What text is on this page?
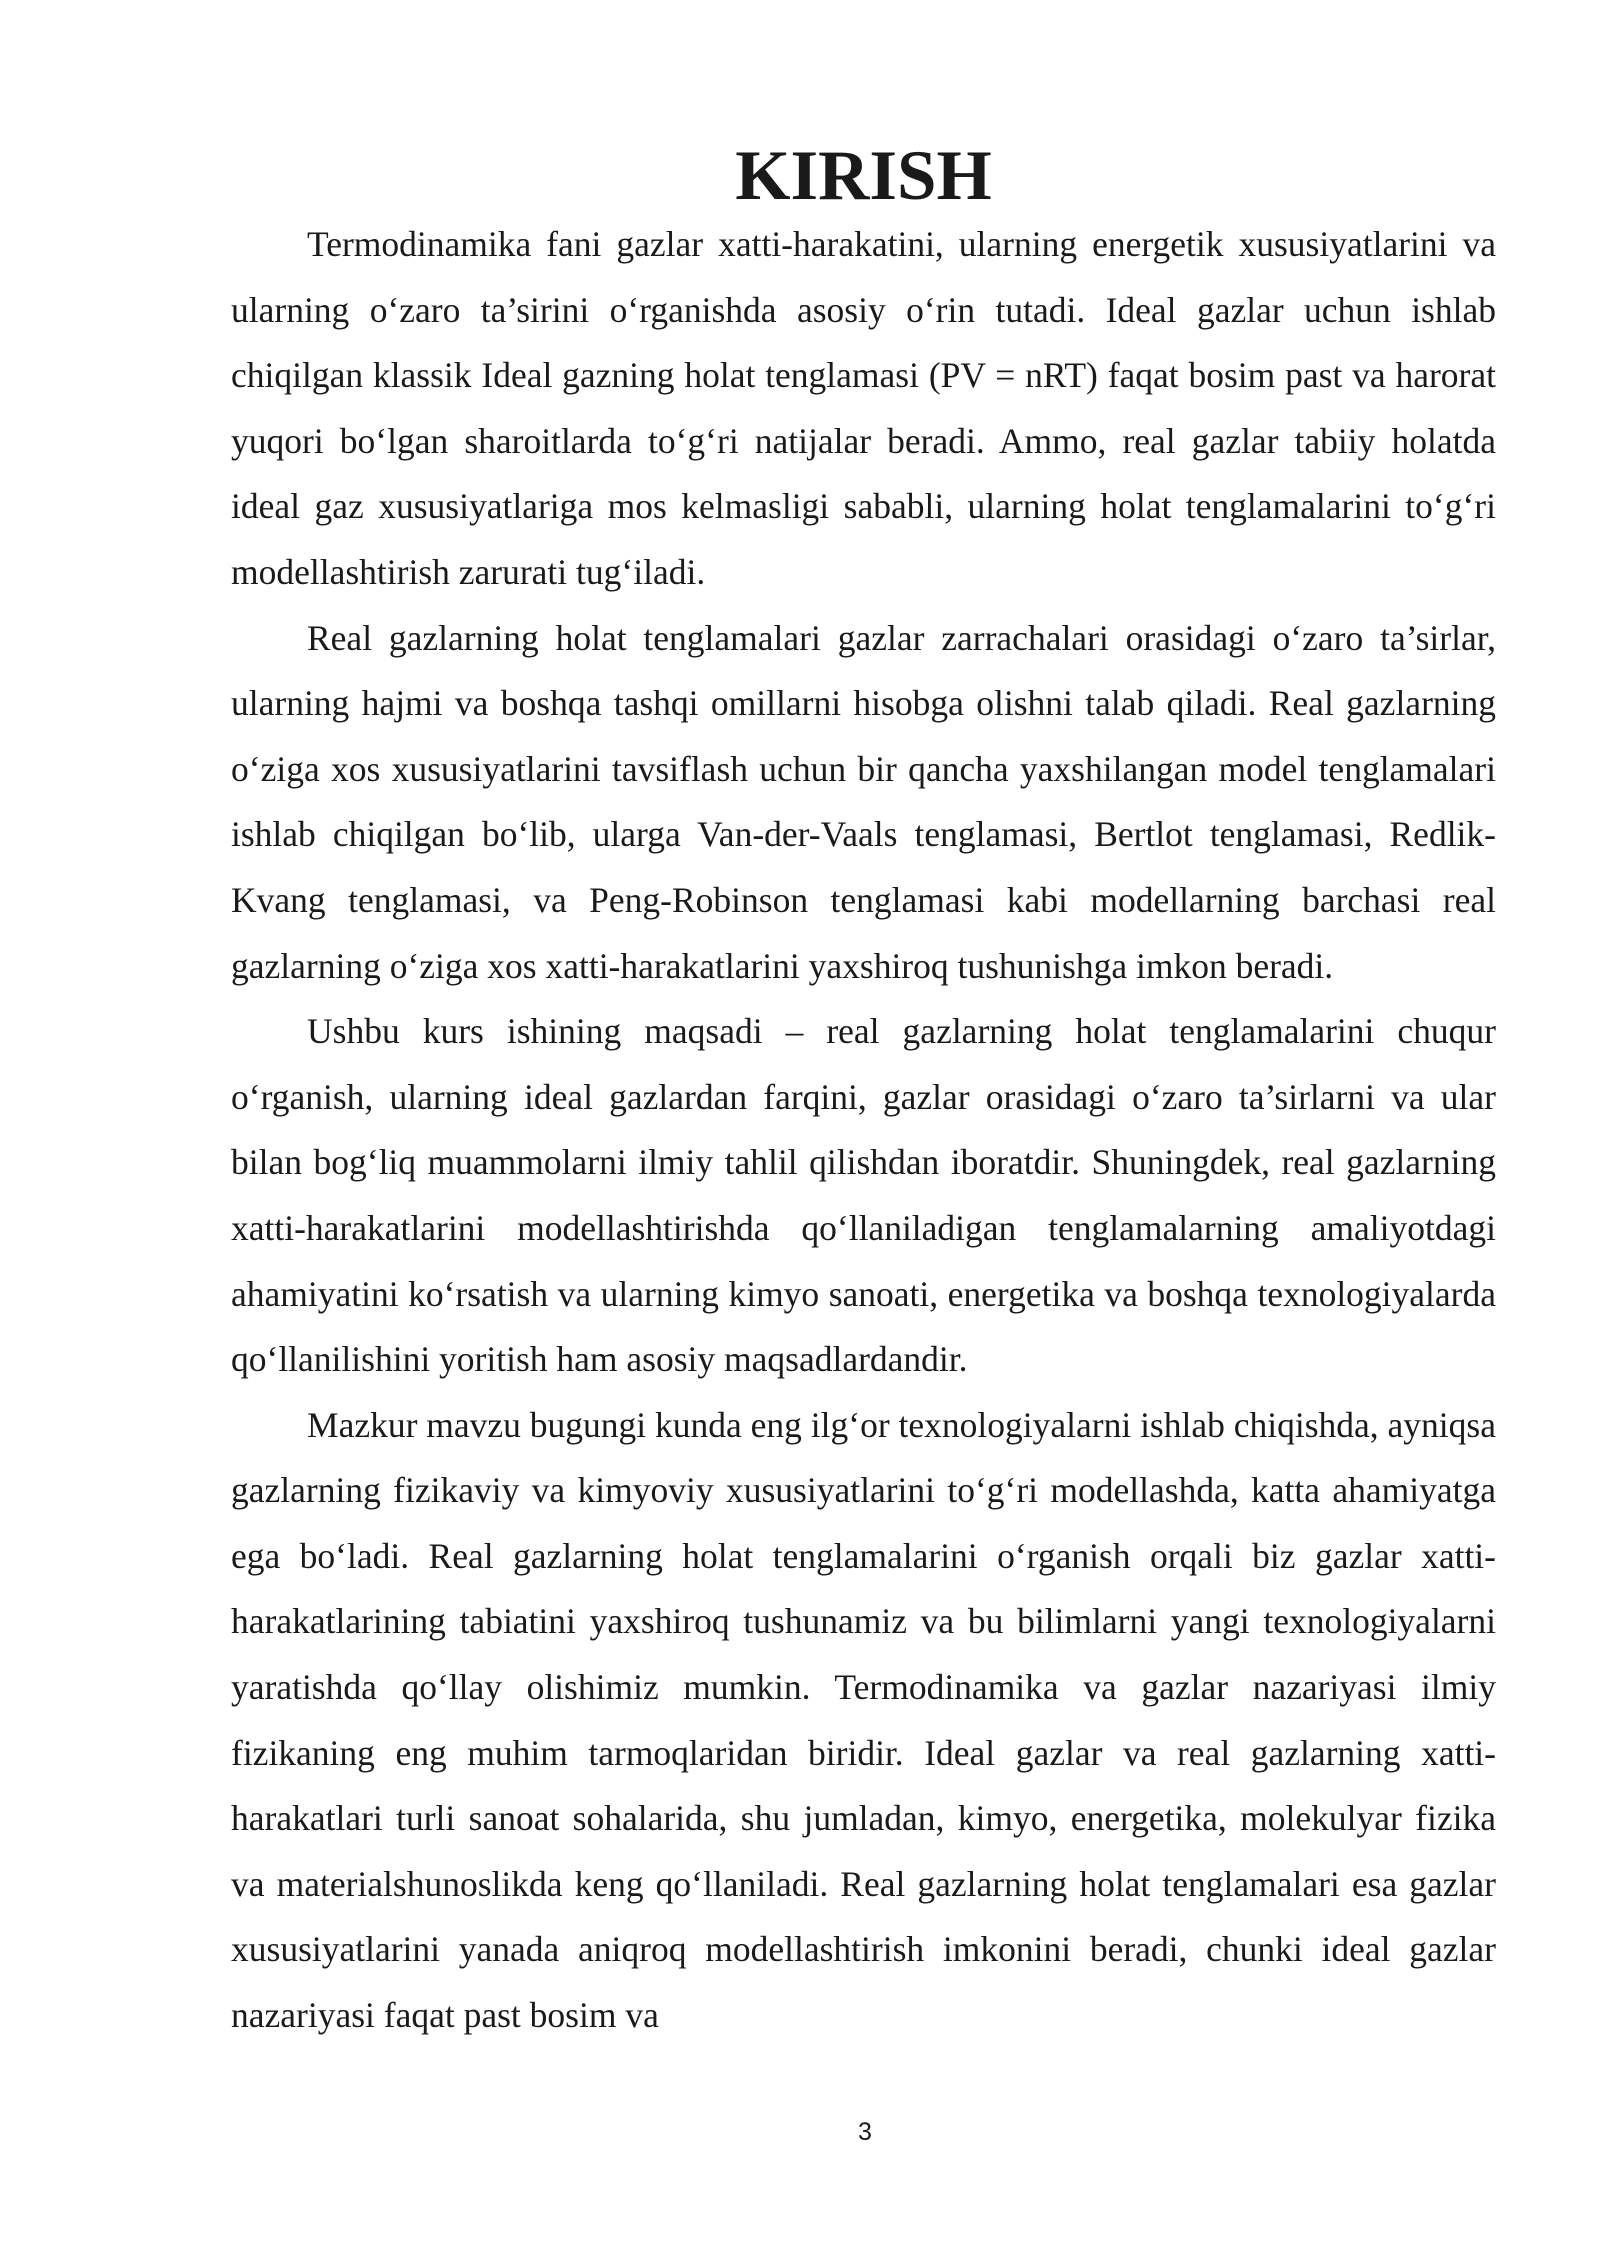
KIRISH

Termodinamika fani gazlar xatti-harakatini, ularning energetik xususiyatlarini va ularning o‘zaro ta’sirini o‘rganishda asosiy o‘rin tutadi. Ideal gazlar uchun ishlab chiqilgan klassik Ideal gazning holat tenglamasi (PV = nRT) faqat bosim past va harorat yuqori bo‘lgan sharoitlarda to‘g‘ri natijalar beradi. Ammo, real gazlar tabiiy holatda ideal gaz xususiyatlariga mos kelmasligi sababli, ularning holat tenglamalarini to‘g‘ri modellashtirish zarurati tug‘iladi.

Real gazlarning holat tenglamalari gazlar zarrachalari orasidagi o‘zaro ta’sirlar, ularning hajmi va boshqa tashqi omillarni hisobga olishni talab qiladi. Real gazlarning o‘ziga xos xususiyatlarini tavsiflash uchun bir qancha yaxshilangan model tenglamalari ishlab chiqilgan bo‘lib, ularga Van-der-Vaals tenglamasi, Bertlot tenglamasi, Redlik-Kvang tenglamasi, va Peng-Robinson tenglamasi kabi modellarning barchasi real gazlarning o‘ziga xos xatti-harakatlarini yaxshiroq tushunishga imkon beradi.

Ushbu kurs ishining maqsadi – real gazlarning holat tenglamalarini chuqur o‘rganish, ularning ideal gazlardan farqini, gazlar orasidagi o‘zaro ta’sirlarni va ular bilan bog‘liq muammolarni ilmiy tahlil qilishdan iboratdir. Shuningdek, real gazlarning xatti-harakatlarini modellashtirishda qo‘llaniladigan tenglamalarning amaliyotdagi ahamiyatini ko‘rsatish va ularning kimyo sanoati, energetika va boshqa texnologiyalarda qo‘llanilishini yoritish ham asosiy maqsadlardandir.

Mazkur mavzu bugungi kunda eng ilg‘or texnologiyalarni ishlab chiqishda, ayniqsa gazlarning fizikaviy va kimyoviy xususiyatlarini to‘g‘ri modellashda, katta ahamiyatga ega bo‘ladi. Real gazlarning holat tenglamalarini o‘rganish orqali biz gazlar xatti-harakatlarining tabiatini yaxshiroq tushunamiz va bu bilimlarni yangi texnologiyalarni yaratishda qo‘llay olishimiz mumkin. Termodinamika va gazlar nazariyasi ilmiy fizikaning eng muhim tarmoqlaridan biridir. Ideal gazlar va real gazlarning xatti-harakatlari turli sanoat sohalarida, shu jumladan, kimyo, energetika, molekulyar fizika va materialshunoslikda keng qo‘llaniladi. Real gazlarning holat tenglamalari esa gazlar xususiyatlarini yanada aniqroq modellashtirish imkonini beradi, chunki ideal gazlar nazariyasi faqat past bosim va

3
